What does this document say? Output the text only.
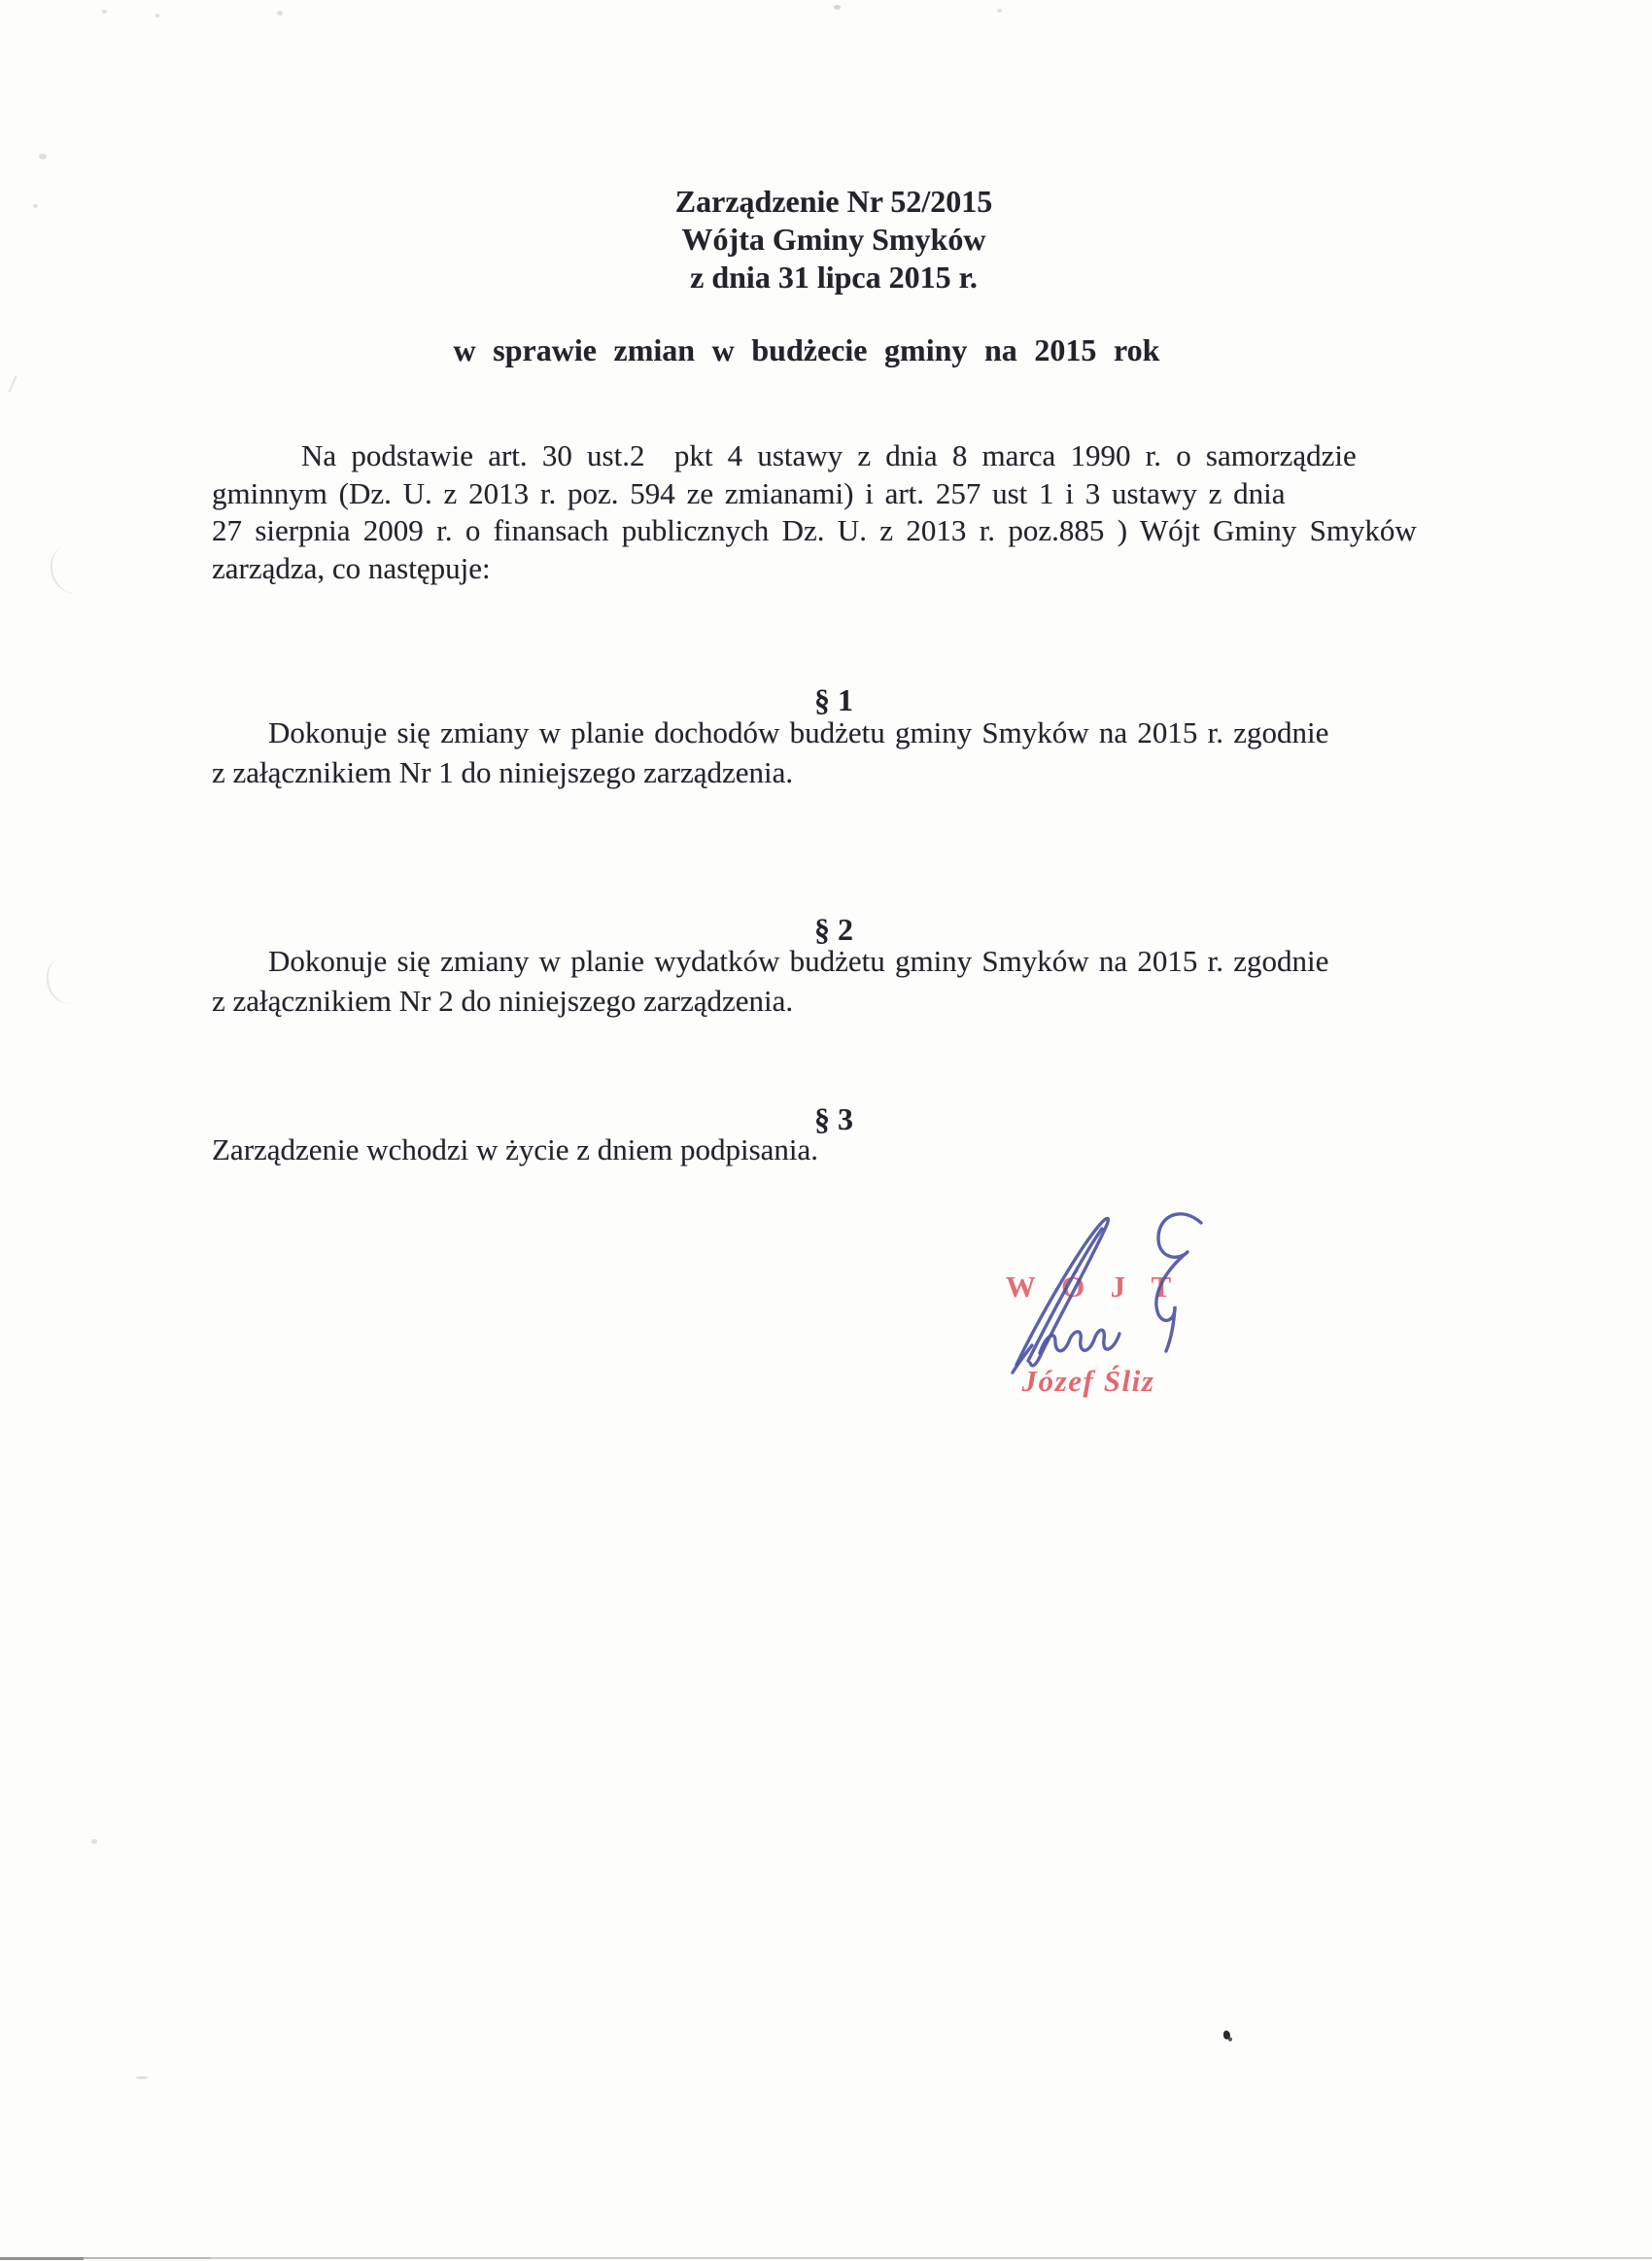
Zarządzenie Nr 52/2015
Wójta Gminy Smyków
z dnia 31 lipca 2015 r.
w sprawie zmian w budżecie gminy na 2015 rok
Na podstawie art. 30 ust.2  pkt 4 ustawy z dnia 8 marca 1990 r. o samorządzie
gminnym (Dz. U. z 2013 r. poz. 594 ze zmianami) i art. 257 ust 1 i 3 ustawy z dnia
27 sierpnia 2009 r. o finansach publicznych Dz. U. z 2013 r. poz.885 ) Wójt Gminy Smyków
zarządza, co następuje:
§ 1
Dokonuje się zmiany w planie dochodów budżetu gminy Smyków na 2015 r. zgodnie
z załącznikiem Nr 1 do niniejszego zarządzenia.
§ 2
Dokonuje się zmiany w planie wydatków budżetu gminy Smyków na 2015 r. zgodnie
z załącznikiem Nr 2 do niniejszego zarządzenia.
§ 3
Zarządzenie wchodzi w życie z dniem podpisania.
WÓJT
Józef Śliz
